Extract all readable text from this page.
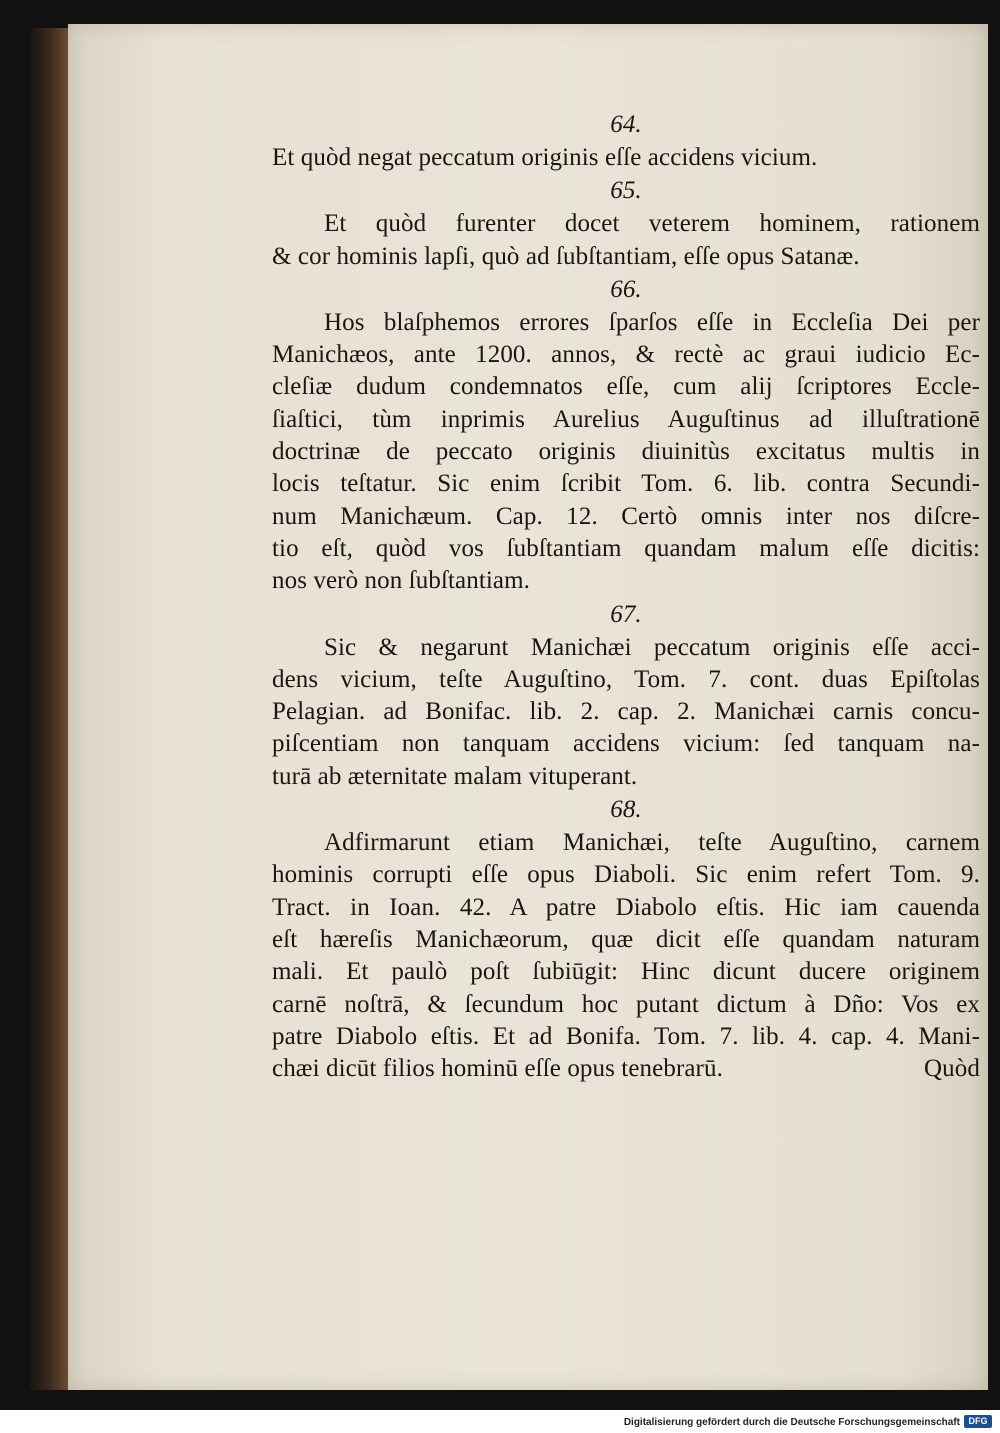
64.
Et quòd negat peccatum originis eſſe accidens vicium.
65.
Et quòd furenter docet veterem hominem, rationem
& cor hominis lapſi, quò ad ſubſtantiam, eſſe opus Satanæ.
66.
Hos blaſphemos errores ſparſos eſſe in Eccleſia Dei per
Manichæos, ante 1200. annos, & rectè ac graui iudicio Ec-
cleſiæ dudum condemnatos eſſe, cum alij ſcriptores Eccle-
ſiaſtici, tùm inprimis Aurelius Auguſtinus ad illuſtrationē
doctrinæ de peccato originis diuinitùs excitatus multis in
locis teſtatur. Sic enim ſcribit Tom. 6. lib. contra Secundi-
num Manichæum. Cap. 12. Certò omnis inter nos diſcre-
tio eſt, quòd vos ſubſtantiam quandam malum eſſe dicitis:
nos verò non ſubſtantiam.
67.
Sic & negarunt Manichæi peccatum originis eſſe acci-
dens vicium, teſte Auguſtino, Tom. 7. cont. duas Epiſtolas
Pelagian. ad Bonifac. lib. 2. cap. 2. Manichæi carnis concu-
piſcentiam non tanquam accidens vicium: ſed tanquam na-
turā ab æternitate malam vituperant.
68.
Adfirmarunt etiam Manichæi, teſte Auguſtino, carnem
hominis corrupti eſſe opus Diaboli. Sic enim refert Tom. 9.
Tract. in Ioan. 42. A patre Diabolo eſtis. Hic iam cauenda
eſt hæreſis Manichæorum, quæ dicit eſſe quandam naturam
mali. Et paulò poſt ſubiūgit: Hinc dicunt ducere originem
carnē noſtrā, & ſecundum hoc putant dictum à Dño: Vos ex
patre Diabolo eſtis. Et ad Bonifa. Tom. 7. lib. 4. cap. 4. Mani-
chæi dicūt filios hominū eſſe opus tenebrarū.	Quòd
Digitalisierung gefördert durch die Deutsche Forschungsgemeinschaft DFG
